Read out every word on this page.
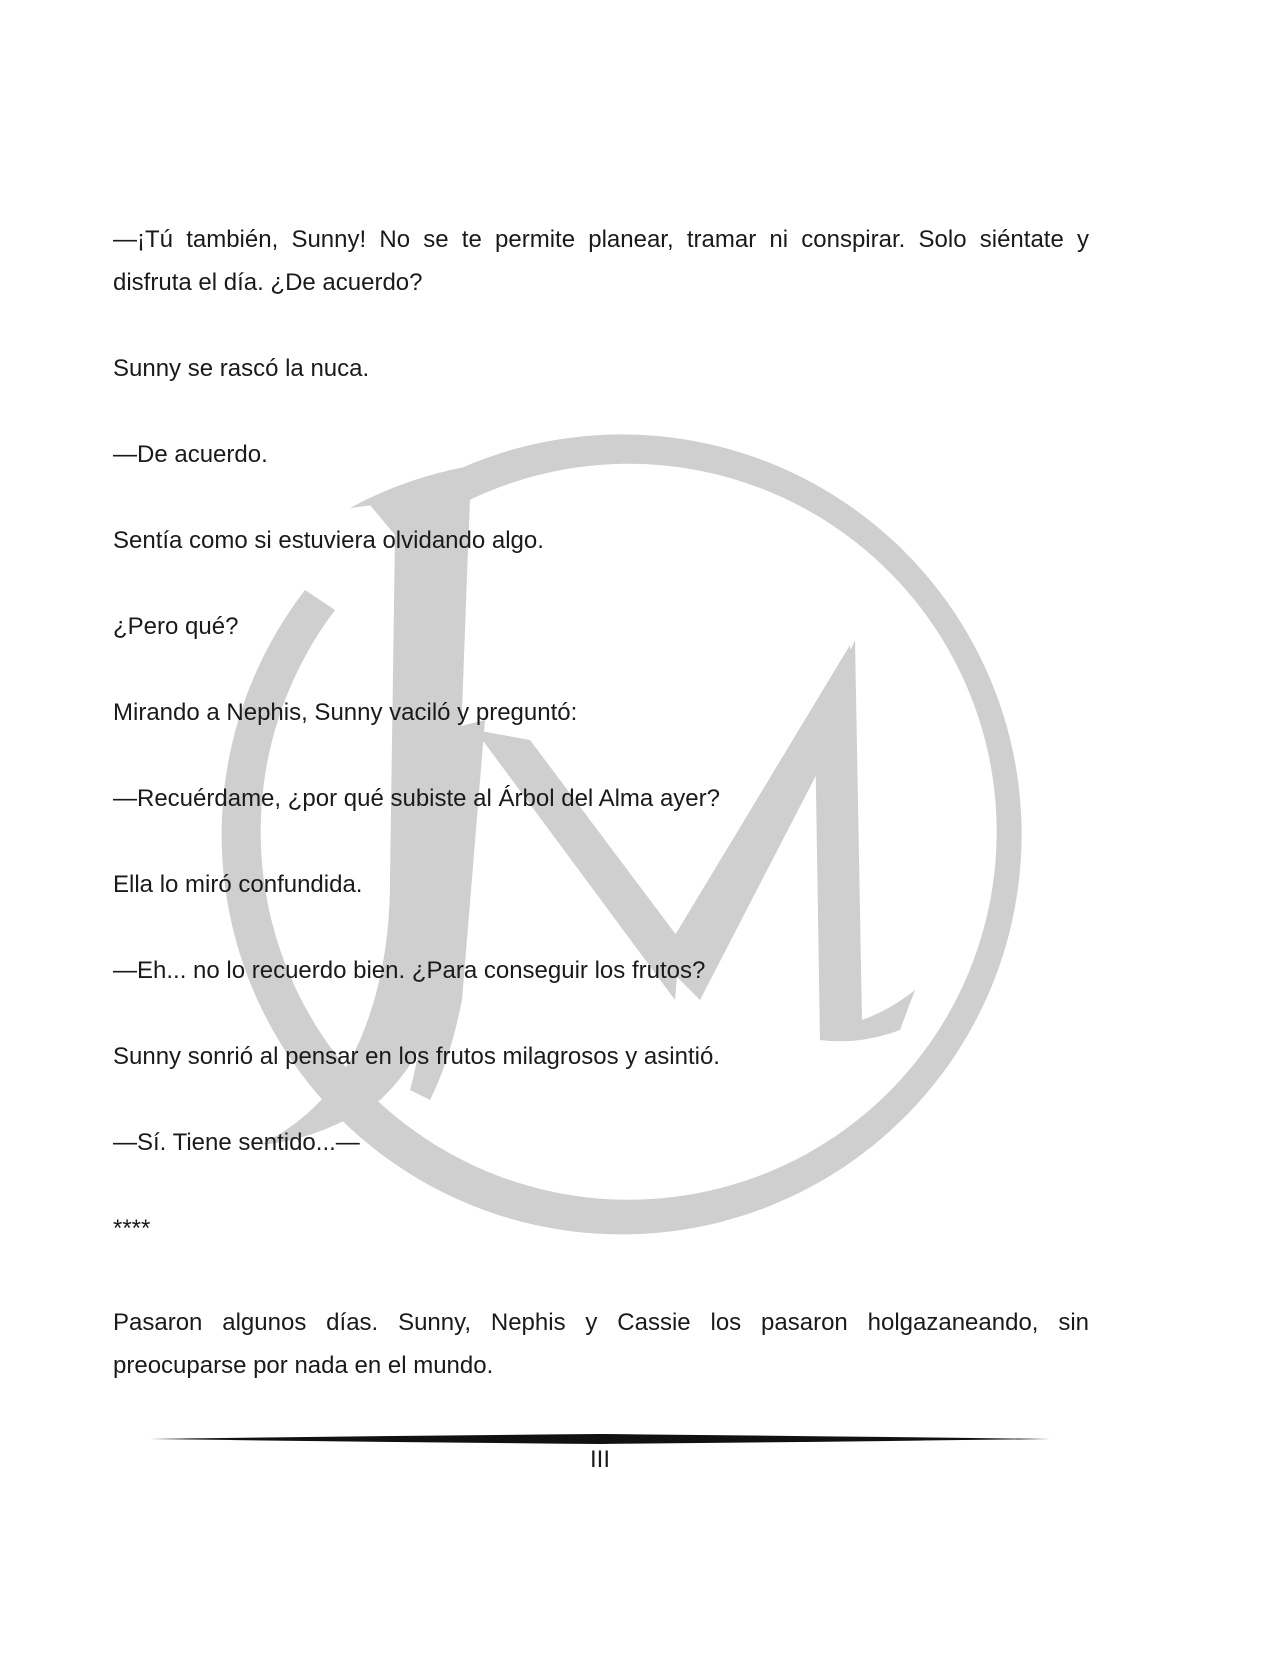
—¡Tú también, Sunny! No se te permite planear, tramar ni conspirar. Solo siéntate y disfruta el día. ¿De acuerdo?

Sunny se rascó la nuca.

—De acuerdo.

Sentía como si estuviera olvidando algo.

¿Pero qué?

Mirando a Nephis, Sunny vaciló y preguntó:

—Recuérdame, ¿por qué subiste al Árbol del Alma ayer?

Ella lo miró confundida.

—Eh... no lo recuerdo bien. ¿Para conseguir los frutos?

Sunny sonrió al pensar en los frutos milagrosos y asintió.

—Sí. Tiene sentido...—

****

Pasaron algunos días. Sunny, Nephis y Cassie los pasaron holgazaneando, sin preocuparse por nada en el mundo.

III
